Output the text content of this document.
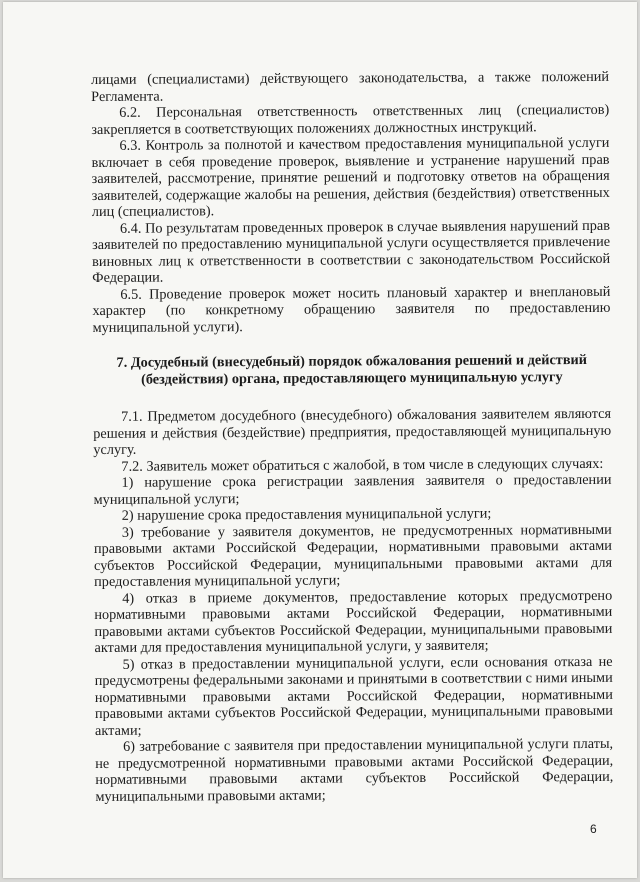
лицами (специалистами) действующего законодательства, а также положений Регламента.

6.2. Персональная ответственность ответственных лиц (специалистов) закрепляется в соответствующих положениях должностных инструкций.

6.3. Контроль за полнотой и качеством предоставления муниципальной услуги включает в себя проведение проверок, выявление и устранение нарушений прав заявителей, рассмотрение, принятие решений и подготовку ответов на обращения заявителей, содержащие жалобы на решения, действия (бездействия) ответственных лиц (специалистов).

6.4. По результатам проведенных проверок в случае выявления нарушений прав заявителей по предоставлению муниципальной услуги осуществляется привлечение виновных лиц к ответственности в соответствии с законодательством Российской Федерации.

6.5. Проведение проверок может носить плановый характер и внеплановый характер (по конкретному обращению заявителя по предоставлению муниципальной услуги).

7. Досудебный (внесудебный) порядок обжалования решений и действий (бездействия) органа, предоставляющего муниципальную услугу

7.1. Предметом досудебного (внесудебного) обжалования заявителем являются решения и действия (бездействие) предприятия, предоставляющей муниципальную услугу.

7.2. Заявитель может обратиться с жалобой, в том числе в следующих случаях:

1) нарушение срока регистрации заявления заявителя о предоставлении муниципальной услуги;

2) нарушение срока предоставления муниципальной услуги;

3) требование у заявителя документов, не предусмотренных нормативными правовыми актами Российской Федерации, нормативными правовыми актами субъектов Российской Федерации, муниципальными правовыми актами для предоставления муниципальной услуги;

4) отказ в приеме документов, предоставление которых предусмотрено нормативными правовыми актами Российской Федерации, нормативными правовыми актами субъектов Российской Федерации, муниципальными правовыми актами для предоставления муниципальной услуги, у заявителя;

5) отказ в предоставлении муниципальной услуги, если основания отказа не предусмотрены федеральными законами и принятыми в соответствии с ними иными нормативными правовыми актами Российской Федерации, нормативными правовыми актами субъектов Российской Федерации, муниципальными правовыми актами;

6) затребование с заявителя при предоставлении муниципальной услуги платы, не предусмотренной нормативными правовыми актами Российской Федерации, нормативными правовыми актами субъектов Российской Федерации, муниципальными правовыми актами;

6
